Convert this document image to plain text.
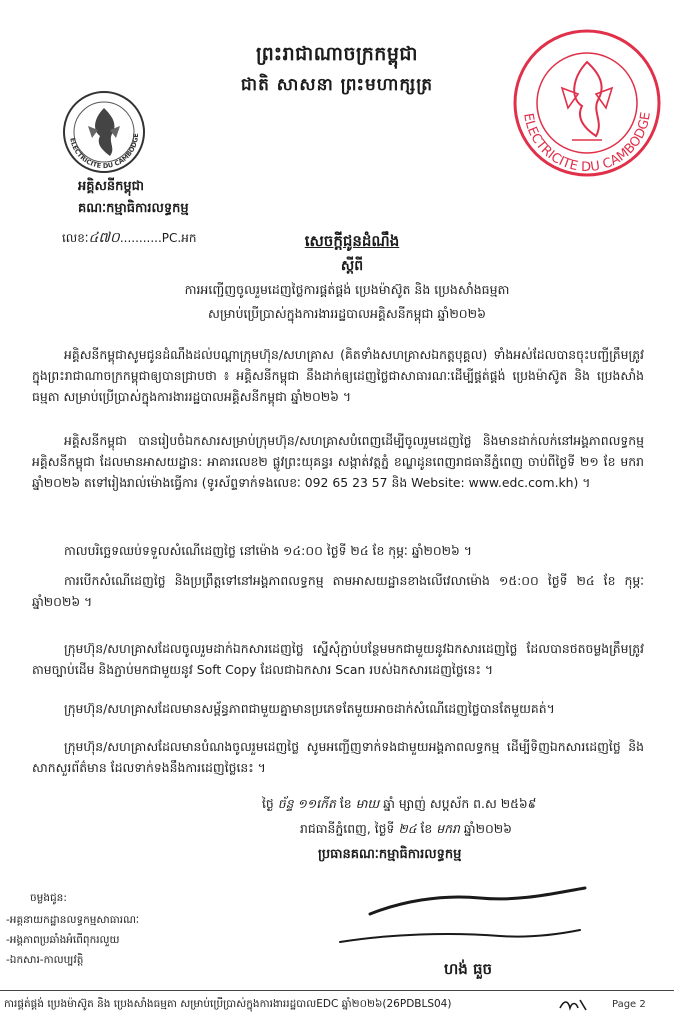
ព្រះរាជាណាចក្រកម្ពុជា
ជាតិ សាសនា ព្រះមហាក្សត្រ
ELECTRICITE DU CAMBODGE
ELECTRICITE DU CAMBODGE
អគ្គិសនីកម្ពុជា
គណៈកម្មាធិការលទ្ធកម្ម
លេខៈ៤៧០...........PC.អក	សេចក្ដីជូនដំណឹង
ស្ដីពី
ការអញ្ជើញចូលរួមដេញថ្លៃការផ្គត់ផ្គង់ ប្រេងម៉ាស៊ូត និង ប្រេងសាំងធម្មតា
សម្រាប់ប្រើប្រាស់ក្នុងការងាររដ្ឋបាលអគ្គិសនីកម្ពុជា ឆ្នាំ២០២៦
អគ្គិសនីកម្ពុជាសូមជូនដំណឹងដល់បណ្ដាក្រុមហ៊ុន/សហគ្រាស (គិតទាំងសហគ្រាសឯកត្តបុគ្គល) ទាំងអស់ដែលបានចុះបញ្ជីត្រឹមត្រូវក្នុងព្រះរាជាណាចក្រកម្ពុជាឲ្យបានជ្រាបថា ៖ អគ្គិសនីកម្ពុជា នឹងដាក់ឲ្យដេញថ្លៃជាសាធារណៈដើម្បីផ្គត់ផ្គង់ ប្រេងម៉ាស៊ូត និង ប្រេងសាំងធម្មតា សម្រាប់ប្រើប្រាស់ក្នុងការងាររដ្ឋបាលអគ្គិសនីកម្ពុជា ឆ្នាំ២០២៦ ។
អគ្គិសនីកម្ពុជា បានរៀបចំឯកសារសម្រាប់ក្រុមហ៊ុន/សហគ្រាសបំពេញដើម្បីចូលរួមដេញថ្លៃ និងមានដាក់លក់នៅអង្គភាពលទ្ធកម្មអគ្គិសនីកម្ពុជា ដែលមានអាសយដ្ឋាន: អាគារលេខ២ ផ្លូវព្រះយុគន្ធរ សង្កាត់វត្តភ្នំ ខណ្ឌដូនពេញរាជធានីភ្នំពេញ ចាប់ពីថ្ងៃទី ២១ ខែ មករា ឆ្នាំ២០២៦ តទៅរៀងរាល់ម៉ោងធ្វើការ (ទូរស័ព្ទទាក់ទងលេខៈ 092 65 23 57 និង Website: www.edc.com.kh) ។
កាលបរិច្ឆេទឈប់ទទួលសំណើដេញថ្លៃ នៅម៉ោង ១៤:០០ ថ្ងៃទី ២៤ ខែ កុម្ភៈ ឆ្នាំ២០២៦ ។
ការបើកសំណើដេញថ្លៃ និងប្រព្រឹត្តទៅនៅអង្គភាពលទ្ធកម្ម តាមអាសយដ្ឋានខាងលើវេលាម៉ោង ១៥:០០ ថ្ងៃទី ២៤ ខែ កុម្ភៈ ឆ្នាំ២០២៦ ។
ក្រុមហ៊ុន/សហគ្រាសដែលចូលរួមដាក់ឯកសារដេញថ្លៃ ស្នើសុំភ្ជាប់បន្ថែមមកជាមួយនូវឯកសារដេញថ្លៃ ដែលបានថតចម្លងត្រឹមត្រូវតាមច្បាប់ដើម និងភ្ជាប់មកជាមួយនូវ Soft Copy ដែលជាឯកសារ Scan របស់ឯកសារដេញថ្លៃនេះ ។
ក្រុមហ៊ុន/សហគ្រាសដែលមានសម្ព័ន្ធភាពជាមួយគ្នាមានប្រភេទតែមួយអាចដាក់សំណើដេញថ្លៃបានតែមួយគត់។
ក្រុមហ៊ុន/សហគ្រាសដែលមានបំណងចូលរួមដេញថ្លៃ សូមអញ្ជើញទាក់ទងជាមួយអង្គភាពលទ្ធកម្ម ដើម្បីទិញឯកសារដេញថ្លៃ និងសាកសួរព័ត៌មាន ដែលទាក់ទងនឹងការដេញថ្លៃនេះ ។
ថ្ងៃ ច័ន្ទ ១១កើត ខែ មាឃ ឆ្នាំ ម្សាញ់ សប្តស័ក ព.ស ២៥៦៩
រាជធានីភ្នំពេញ, ថ្ងៃទី ២៤ ខែ មករា ឆ្នាំ២០២៦
ប្រធានគណៈកម្មាធិការលទ្ធកម្ម
ហង់ ធួច
ចម្លងជូន:
-អគ្គនាយកដ្ឋានលទ្ធកម្មសាធារណៈ
-អង្គភាពប្រឆាំងអំពើពុករលួយ
-ឯកសារ-កាលប្បវត្តិ
ការផ្គត់ផ្គង់ ប្រេងម៉ាស៊ូត និង ប្រេងសាំងធម្មតា សម្រាប់ប្រើប្រាស់ក្នុងការងាររដ្ឋបាលEDC ឆ្នាំ២០២៦(26PDBLS04)	Page 2
